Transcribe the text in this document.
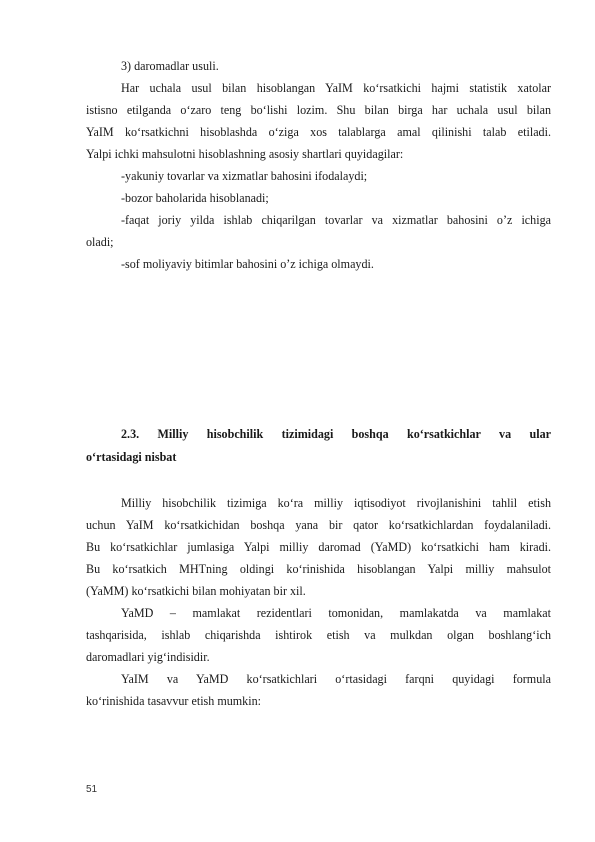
3) daromadlar usuli.
Har uchala usul bilan hisoblangan YaIM ko‘rsatkichi hajmi statistik xatolar
istisno etilganda o‘zaro teng bo‘lishi lozim. Shu bilan birga har uchala usul bilan
YaIM ko‘rsatkichni hisoblashda o‘ziga xos talablarga amal qilinishi talab etiladi.
Yalpi ichki mahsulotni hisoblashning asosiy shartlari quyidagilar:
-yakuniy tovarlar va xizmatlar bahosini ifodalaydi;
-bozor baholarida hisoblanadi;
-faqat joriy yilda ishlab chiqarilgan tovarlar va xizmatlar bahosini o’z ichiga
oladi;
-sof moliyaviy bitimlar bahosini o’z ichiga olmaydi.
2.3. Milliy hisobchilik tizimidagi boshqa ko‘rsatkichlar va ular
o‘rtasidagi nisbat
Milliy hisobchilik tizimiga ko‘ra milliy iqtisodiyot rivojlanishini tahlil etish
uchun YaIM ko‘rsatkichidan boshqa yana bir qator ko‘rsatkichlardan foydalaniladi.
Bu ko‘rsatkichlar jumlasiga Yalpi milliy daromad (YaMD) ko‘rsatkichi ham kiradi.
Bu ko‘rsatkich MHTning oldingi ko‘rinishida hisoblangan Yalpi milliy mahsulot
(YaMM) ko‘rsatkichi bilan mohiyatan bir xil.
YaMD – mamlakat rezidentlari tomonidan, mamlakatda va mamlakat
tashqarisida, ishlab chiqarishda ishtirok etish va mulkdan olgan boshlang‘ich
daromadlari yig‘indisidir.
YaIM va YaMD ko‘rsatkichlari o‘rtasidagi farqni quyidagi formula
ko‘rinishida tasavvur etish mumkin:
51
